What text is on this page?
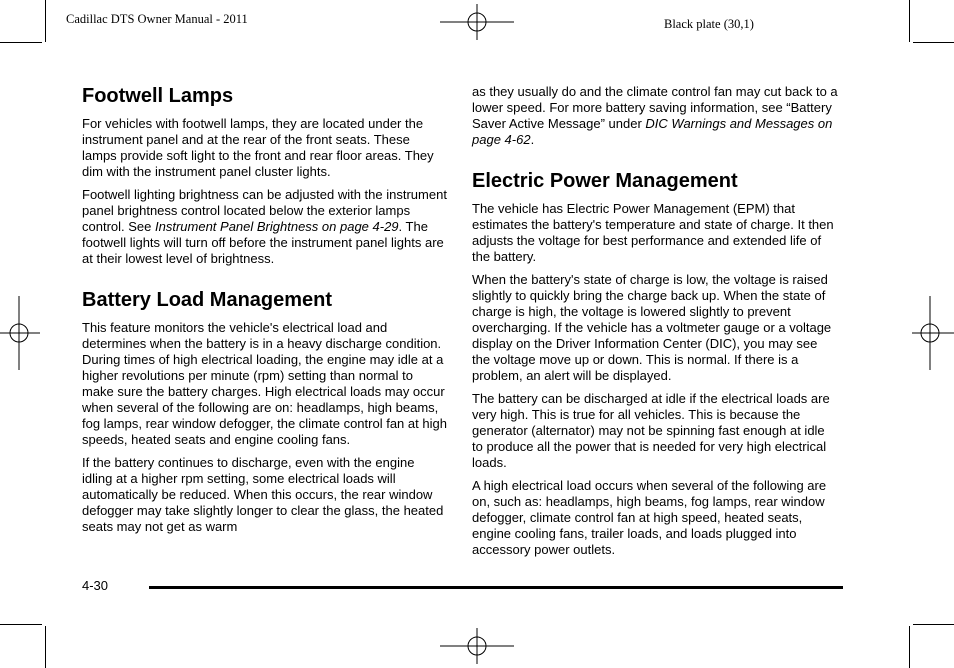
Cadillac DTS Owner Manual - 2011	Black plate (30,1)
Footwell Lamps

For vehicles with footwell lamps, they are located under the instrument panel and at the rear of the front seats. These lamps provide soft light to the front and rear floor areas. They dim with the instrument panel cluster lights.

Footwell lighting brightness can be adjusted with the instrument panel brightness control located below the exterior lamps control. See Instrument Panel Brightness on page 4-29. The footwell lights will turn off before the instrument panel lights are at their lowest level of brightness.

Battery Load Management

This feature monitors the vehicle's electrical load and determines when the battery is in a heavy discharge condition. During times of high electrical loading, the engine may idle at a higher revolutions per minute (rpm) setting than normal to make sure the battery charges. High electrical loads may occur when several of the following are on: headlamps, high beams, fog lamps, rear window defogger, the climate control fan at high speeds, heated seats and engine cooling fans.

If the battery continues to discharge, even with the engine idling at a higher rpm setting, some electrical loads will automatically be reduced. When this occurs, the rear window defogger may take slightly longer to clear the glass, the heated seats may not get as warm

as they usually do and the climate control fan may cut back to a lower speed. For more battery saving information, see “Battery Saver Active Message” under DIC Warnings and Messages on page 4-62.

Electric Power Management

The vehicle has Electric Power Management (EPM) that estimates the battery's temperature and state of charge. It then adjusts the voltage for best performance and extended life of the battery.

When the battery's state of charge is low, the voltage is raised slightly to quickly bring the charge back up. When the state of charge is high, the voltage is lowered slightly to prevent overcharging. If the vehicle has a voltmeter gauge or a voltage display on the Driver Information Center (DIC), you may see the voltage move up or down. This is normal. If there is a problem, an alert will be displayed.

The battery can be discharged at idle if the electrical loads are very high. This is true for all vehicles. This is because the generator (alternator) may not be spinning fast enough at idle to produce all the power that is needed for very high electrical loads.

A high electrical load occurs when several of the following are on, such as: headlamps, high beams, fog lamps, rear window defogger, climate control fan at high speed, heated seats, engine cooling fans, trailer loads, and loads plugged into accessory power outlets.

4-30
